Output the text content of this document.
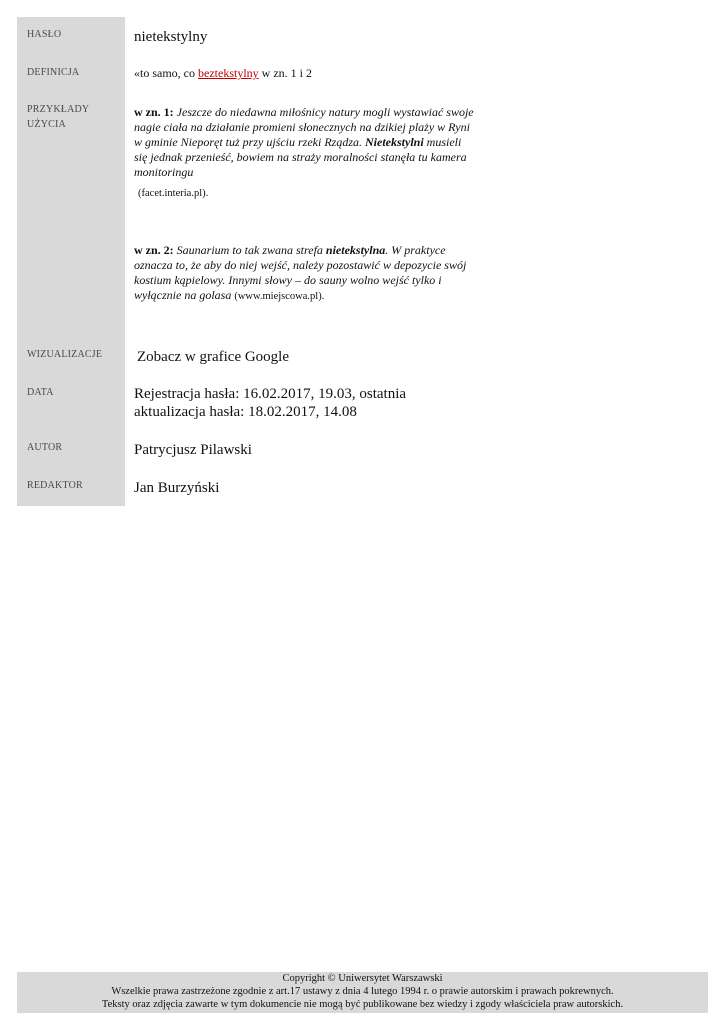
HASŁO	nietekstylny
DEFINICJA	«to samo, co beztekstylny w zn. 1 i 2
PRZYKŁADY
UŻYCIA
w zn. 1: Jeszcze do niedawna miłośnicy natury mogli wystawiać swoje nagie ciała na działanie promieni słonecznych na dzikiej plaży w Ryni w gminie Nieporęt tuż przy ujściu rzeki Rządza. Nietekstylni musieli się jednak przenieść, bowiem na straży moralności stanęła tu kamera monitoringu
(facet.interia.pl).
w zn. 2: Saunarium to tak zwana strefa nietekstylna. W praktyce oznacza to, że aby do niej wejść, należy pozostawić w depozycie swój kostium kąpielowy. Innymi słowy – do sauny wolno wejść tylko i wyłącznie na golasa (www.miejscowa.pl).
WIZUALIZACJE Zobacz w grafice Google
DATA	Rejestracja hasła: 16.02.2017, 19.03, ostatnia
aktualizacja hasła: 18.02.2017, 14.08
AUTOR	Patrycjusz Pilawski
REDAKTOR	Jan Burzyński
Copyright © Uniwersytet Warszawski
Wszelkie prawa zastrzeżone zgodnie z art.17 ustawy z dnia 4 lutego 1994 r. o prawie autorskim i prawach pokrewnych.
Teksty oraz zdjęcia zawarte w tym dokumencie nie mogą być publikowane bez wiedzy i zgody właściciela praw autorskich.
